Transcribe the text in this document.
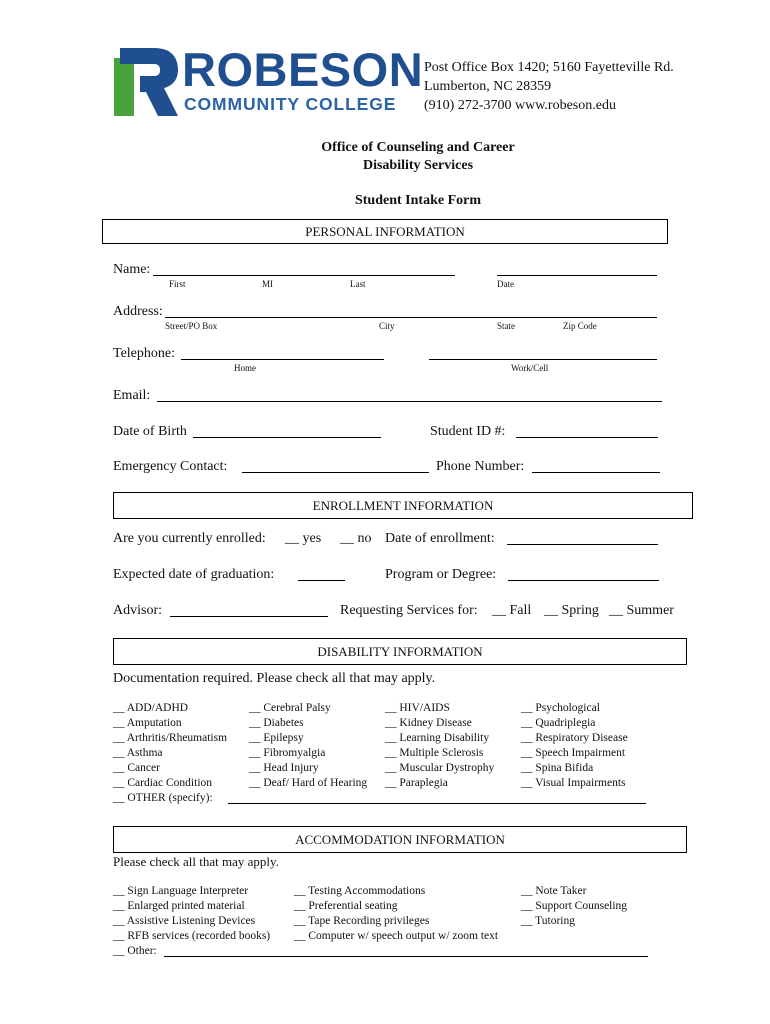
ROBESON
COMMUNITY COLLEGE
Post Office Box 1420; 5160 Fayetteville Rd.
Lumberton, NC 28359
(910) 272-3700 www.robeson.edu
Office of Counseling and Career
Disability Services
Student Intake Form
PERSONAL INFORMATION
Name:
First	MI	Last	Date
Address:
Street/PO Box	City	State	Zip Code
Telephone:
Home	Work/Cell
Email:
Date of Birth	Student ID #:
Emergency Contact:	Phone Number:
ENROLLMENT INFORMATION
Are you currently enrolled: __ yes __ no Date of enrollment:
Expected date of graduation:	Program or Degree:
Advisor:	Requesting Services for: __ Fall __ Spring __ Summer
DISABILITY INFORMATION
Documentation required. Please check all that may apply.
__ ADD/ADHD
__ Amputation
__ Arthritis/Rheumatism
__ Asthma
__ Cancer
__ Cardiac Condition
__ Cerebral Palsy
__ Diabetes
__ Epilepsy
__ Fibromyalgia
__ Head Injury
__ Deaf/ Hard of Hearing
__ HIV/AIDS
__ Kidney Disease
__ Learning Disability
__ Multiple Sclerosis
__ Muscular Dystrophy
__ Paraplegia
__ Psychological
__ Quadriplegia
__ Respiratory Disease
__ Speech Impairment
__ Spina Bifida
__ Visual Impairments
__ OTHER (specify):
ACCOMMODATION INFORMATION
Please check all that may apply.
__ Sign Language Interpreter
__ Enlarged printed material
__ Assistive Listening Devices
__ RFB services (recorded books)
__ Testing Accommodations
__ Preferential seating
__ Tape Recording privileges
__ Computer w/ speech output w/ zoom text
__ Note Taker
__ Support Counseling
__ Tutoring
__ Other:
